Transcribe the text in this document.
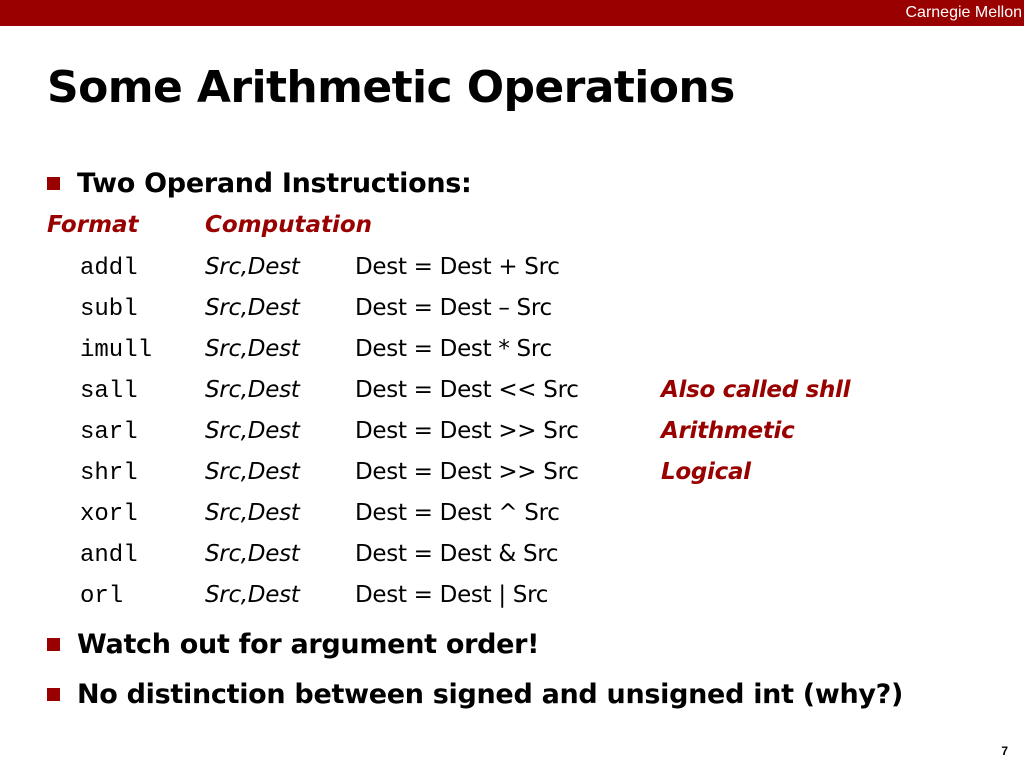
Carnegie Mellon
Some Arithmetic Operations
Two Operand Instructions:
Format	Computation
addl	Src,Dest Dest = Dest + Src
subl	Src,Dest Dest = Dest – Src
imull Src,Dest Dest = Dest * Src
sall	Src,Dest Dest = Dest << Src	Also called shll
sarl	Src,Dest Dest = Dest >> Src	Arithmetic
shrl	Src,Dest Dest = Dest >> Src	Logical
xorl	Src,Dest Dest = Dest ^ Src
andl	Src,Dest Dest = Dest & Src
orl	Src,Dest Dest = Dest | Src
Watch out for argument order!
No distinction between signed and unsigned int (why?)
7
